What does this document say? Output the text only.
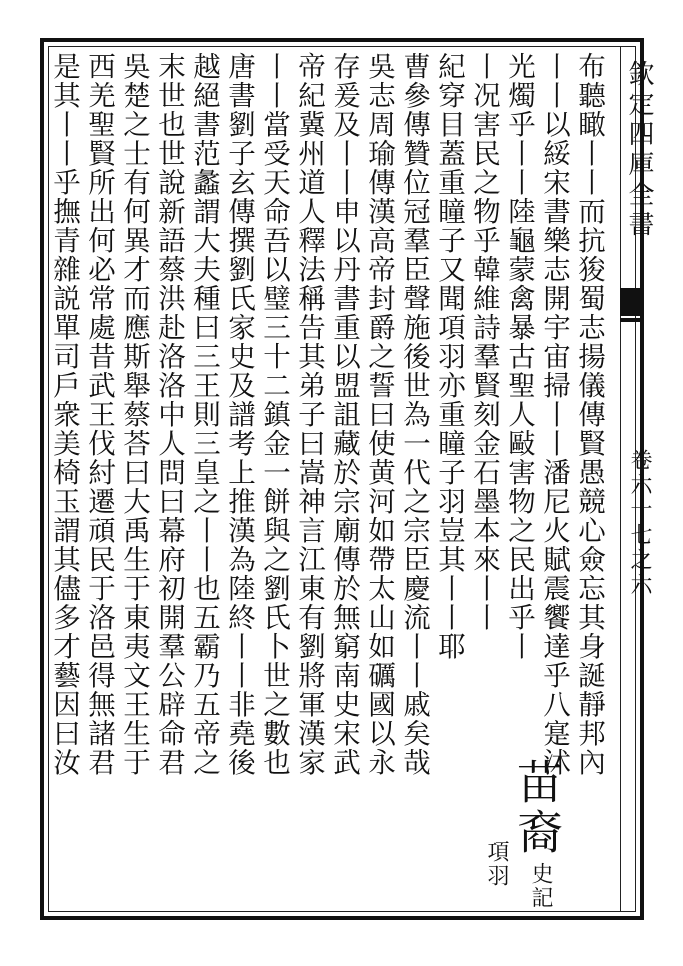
欽定四庫全書
卷六十七之六
布聽瞰丨丨而抗狻蜀志揚儀傳賢愚競心僉忘其身誕靜邦內
丨丨以綏宋書樂志開宇宙掃丨丨潘尼火賦震饗達乎八寔沭
光燭乎丨丨陸龜蒙禽暴古聖人敺害物之民出乎丨
丨况害民之物乎韓維詩羣賢刻金石墨本來丨丨
紀穿目蓋重瞳子又聞項羽亦重瞳子羽豈其丨丨耶
曹參傳贊位冠羣臣聲施後世為一代之宗臣慶流丨丨戚矣哉
吳志周瑜傳漢高帝封爵之誓曰使黄河如帶太山如礪國以永
存爰及丨丨申以丹書重以盟詛藏於宗廟傳於無窮南史宋武
帝紀冀州道人釋法稱告其弟子曰嵩神言江東有劉將軍漢家
丨丨當受天命吾以璧三十二鎮金一餅與之劉氏卜世之數也
唐書劉子玄傳撰劉氏家史及譜考上推漢為陸終丨丨非堯後
越絕書范蠡謂大夫種曰三王則三皇之丨丨也五霸乃五帝之
末世也世說新語蔡洪赴洛洛中人問曰幕府初開羣公辟命君
吳楚之士有何異才而應斯舉蔡荅曰大禹生于東夷文王生于
西羌聖賢所出何必常處昔武王伐紂遷頑民于洛邑得無諸君
是其丨丨乎撫青雜説單司戶衆美椅玉謂其儘多才藝因曰汝
苗裔
史記
項羽
